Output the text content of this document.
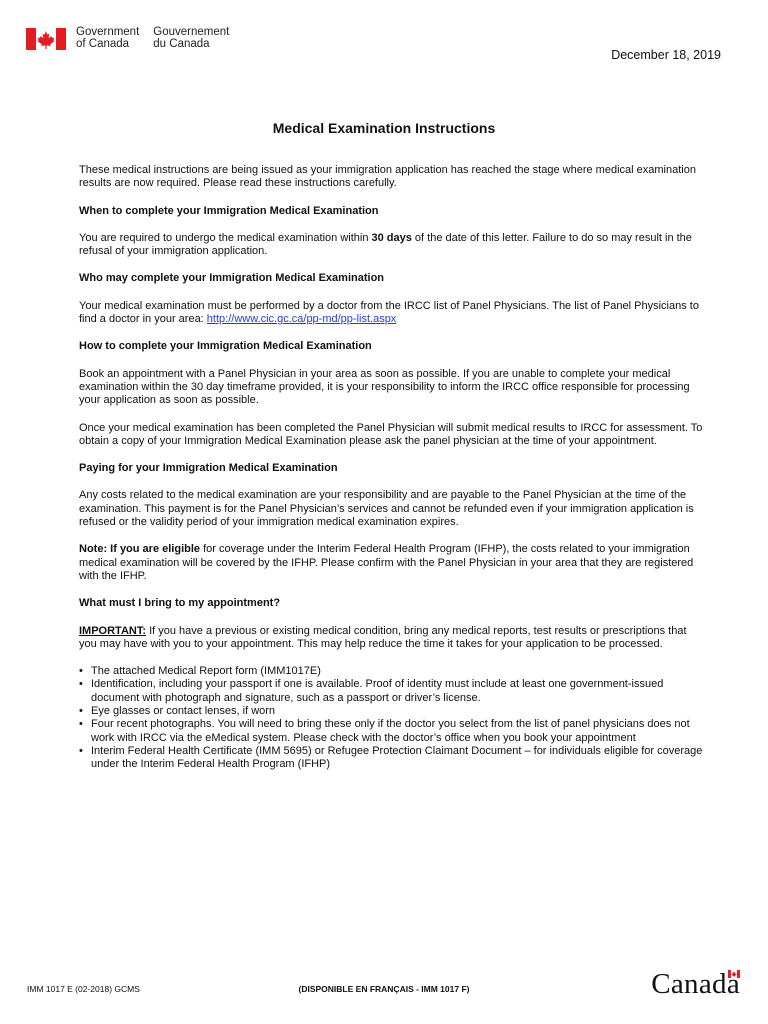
Government
of Canada
Gouvernement
du Canada
December 18, 2019
Medical Examination Instructions

These medical instructions are being issued as your immigration application has reached the stage where medical examination results are now required. Please read these instructions carefully.

When to complete your Immigration Medical Examination

You are required to undergo the medical examination within 30 days of the date of this letter. Failure to do so may result in the refusal of your immigration application.

Who may complete your Immigration Medical Examination

Your medical examination must be performed by a doctor from the IRCC list of Panel Physicians. The list of Panel Physicians to find a doctor in your area: http://www.cic.gc.ca/pp-md/pp-list.aspx

How to complete your Immigration Medical Examination

Book an appointment with a Panel Physician in your area as soon as possible. If you are unable to complete your medical examination within the 30 day timeframe provided, it is your responsibility to inform the IRCC office responsible for processing your application as soon as possible.

Once your medical examination has been completed the Panel Physician will submit medical results to IRCC for assessment. To obtain a copy of your Immigration Medical Examination please ask the panel physician at the time of your appointment.

Paying for your Immigration Medical Examination

Any costs related to the medical examination are your responsibility and are payable to the Panel Physician at the time of the examination. This payment is for the Panel Physician’s services and cannot be refunded even if your immigration application is refused or the validity period of your immigration medical examination expires.

Note: If you are eligible for coverage under the Interim Federal Health Program (IFHP), the costs related to your immigration medical examination will be covered by the IFHP. Please confirm with the Panel Physician in your area that they are registered with the IFHP.

What must I bring to my appointment?

IMPORTANT: If you have a previous or existing medical condition, bring any medical reports, test results or prescriptions that you may have with you to your appointment. This may help reduce the time it takes for your application to be processed.

• The attached Medical Report form (IMM1017E)
• Identification, including your passport if one is available. Proof of identity must include at least one government-issued document with photograph and signature, such as a passport or driver’s license.
• Eye glasses or contact lenses, if worn
• Four recent photographs. You will need to bring these only if the doctor you select from the list of panel physicians does not work with IRCC via the eMedical system. Please check with the doctor’s office when you book your appointment
• Interim Federal Health Certificate (IMM 5695) or Refugee Protection Claimant Document – for individuals eligible for coverage under the Interim Federal Health Program (IFHP)
IMM 1017 E (02-2018) GCMS	(DISPONIBLE EN FRANÇAIS - IMM 1017 F)	Canada
